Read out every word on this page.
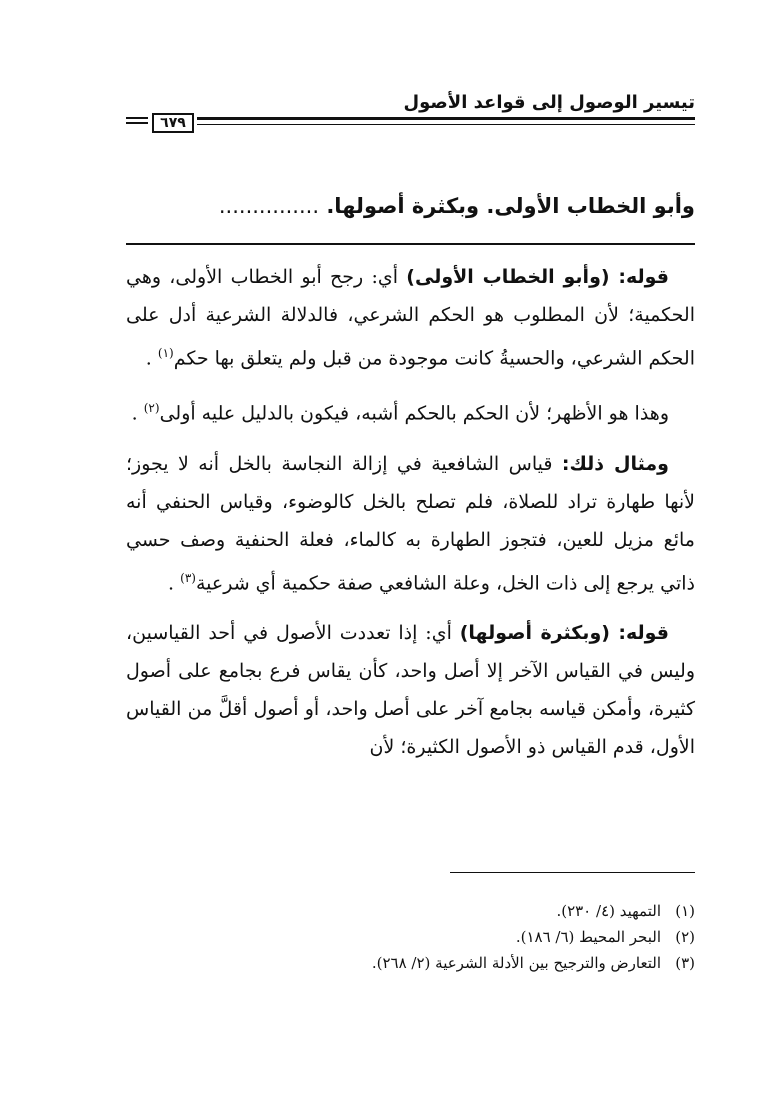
تيسير الوصول إلى قواعد الأصول
٦٧٩
وأبو الخطاب الأولى. وبكثرة أصولها. ...............

قوله: (وأبو الخطاب الأولى) أي: رجح أبو الخطاب الأولى، وهي الحكمية؛ لأن المطلوب هو الحكم الشرعي، فالدلالة الشرعية أدل على الحكم الشرعي، والحسيةُ كانت موجودة من قبل ولم يتعلق بها حكم$^{(١)}$ .

وهذا هو الأظهر؛ لأن الحكم بالحكم أشبه، فيكون بالدليل عليه أولى$^{(٢)}$ .

ومثال ذلك: قياس الشافعية في إزالة النجاسة بالخل أنه لا يجوز؛ لأنها طهارة تراد للصلاة، فلم تصلح بالخل كالوضوء، وقياس الحنفي أنه مائع مزيل للعين، فتجوز الطهارة به كالماء، فعلة الحنفية وصف حسي ذاتي يرجع إلى ذات الخل، وعلة الشافعي صفة حكمية أي شرعية$^{(٣)}$ .

قوله: (وبكثرة أصولها) أي: إذا تعددت الأصول في أحد القياسين، وليس في القياس الآخر إلا أصل واحد، كأن يقاس فرع بجامع على أصول كثيرة، وأمكن قياسه بجامع آخر على أصل واحد، أو أصول أقلَّ من القياس الأول، قدم القياس ذو الأصول الكثيرة؛ لأن

(١)التمهيد (٤/ ٢٣٠).
(٢)البحر المحيط (٦/ ١٨٦).
(٣)التعارض والترجيح بين الأدلة الشرعية (٢/ ٢٦٨).
